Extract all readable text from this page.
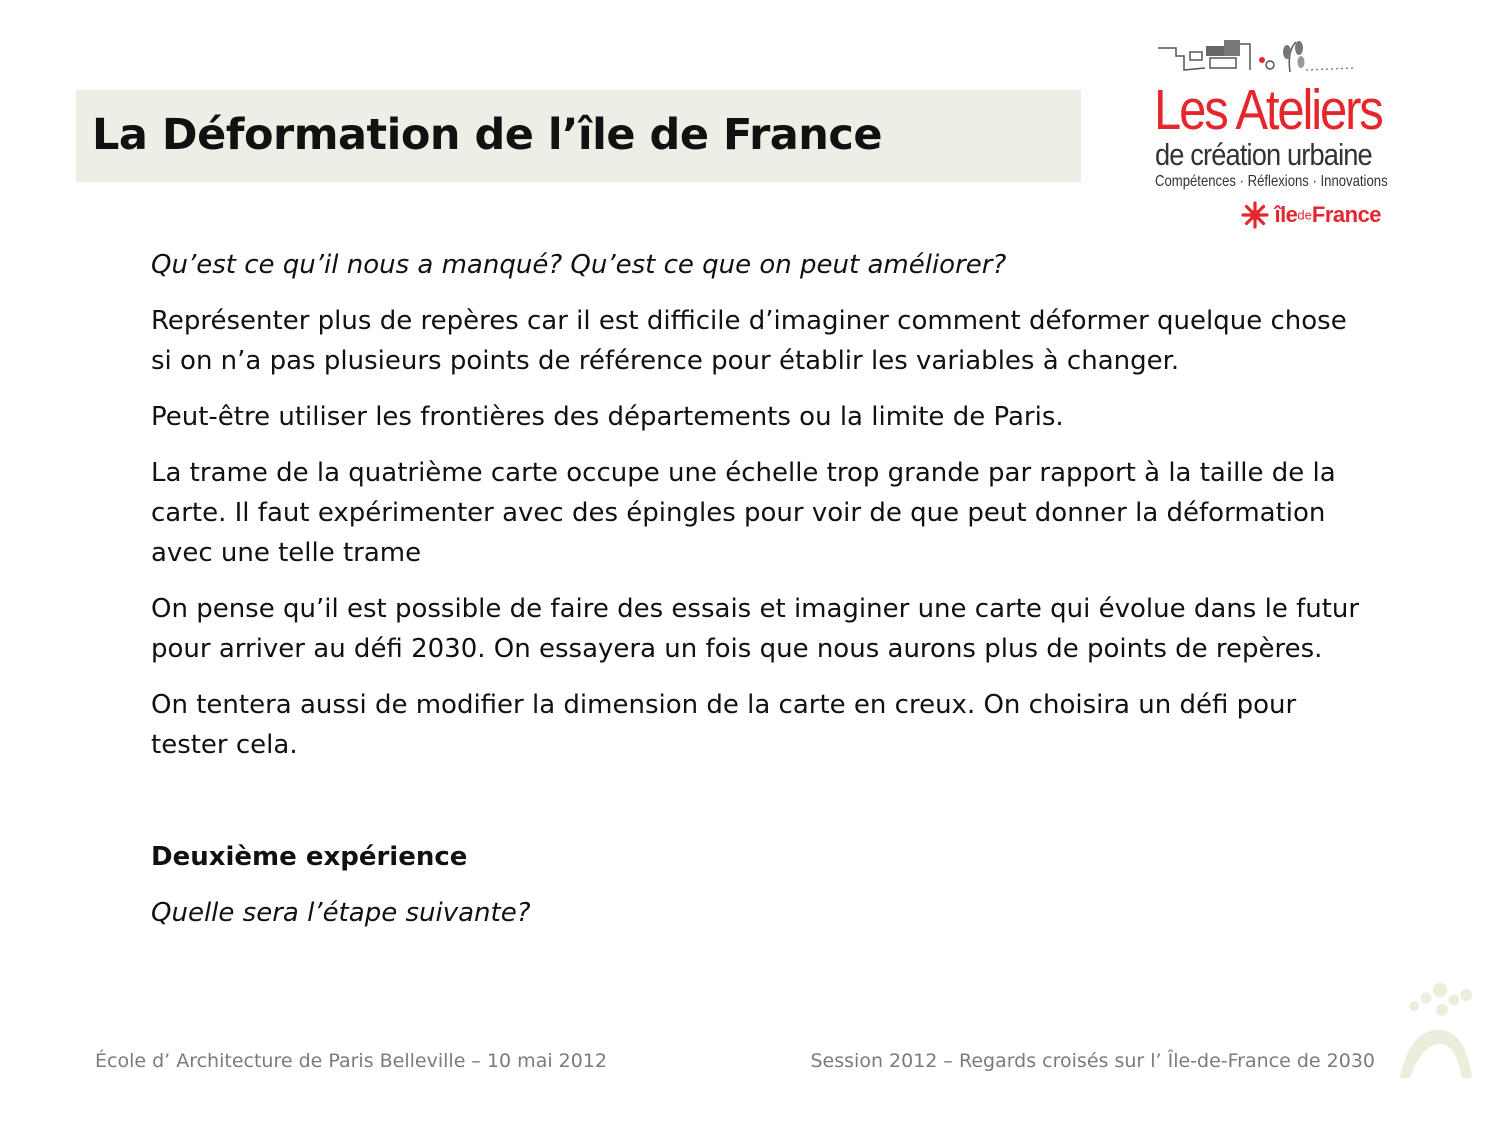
La Déformation de l’île de France	Les Ateliers
de création urbaine
Compétences · Réflexions · Innovations
îledeFrance

Qu’est ce qu’il nous a manqué? Qu’est ce que on peut améliorer?

Représenter plus de repères car il est difficile d’imaginer comment déformer quelque chose si on n’a pas plusieurs points de référence pour établir les variables à changer.

Peut-être utiliser les frontières des départements ou la limite de Paris.

La trame de la quatrième carte occupe une échelle trop grande par rapport à la taille de la carte. Il faut expérimenter avec des épingles pour voir de que peut donner la déformation avec une telle trame

On pense qu’il est possible de faire des essais et imaginer une carte qui évolue dans le futur pour arriver au défi 2030. On essayera un fois que nous aurons plus de points de repères.

On tentera aussi de modifier la dimension de la carte en creux. On choisira un défi pour tester cela.

Deuxième expérience

Quelle sera l’étape suivante?

École d’ Architecture de Paris Belleville – 10 mai 2012	Session 2012 – Regards croisés sur l’ Île-de-France de 2030
